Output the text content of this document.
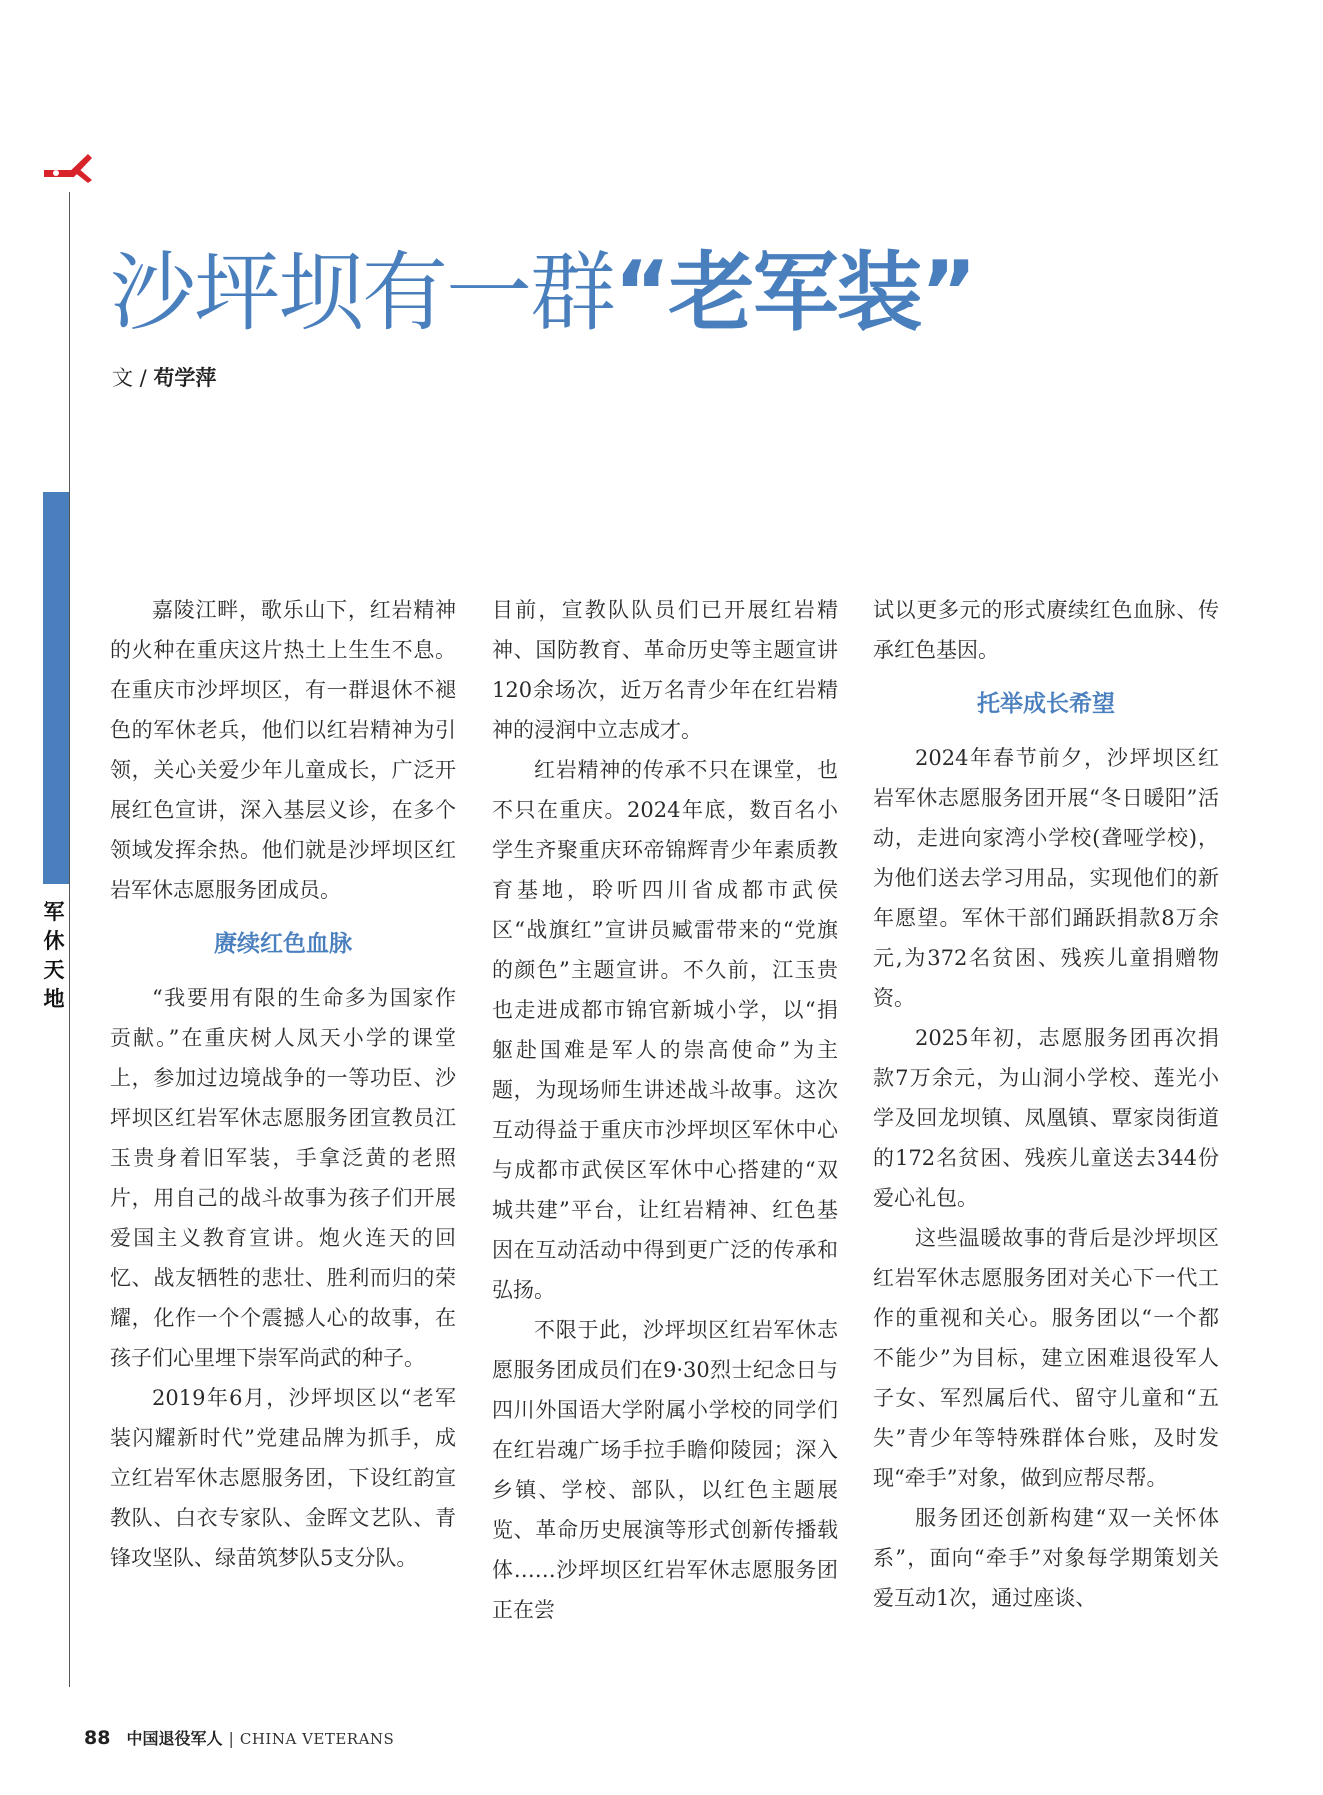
军休天地
沙坪坝有一群“老军装”
文 / 苟学萍

嘉陵江畔，歌乐山下，红岩精神的火种在重庆这片热土上生生不息。在重庆市沙坪坝区，有一群退休不褪色的军休老兵，他们以红岩精神为引领，关心关爱少年儿童成长，广泛开展红色宣讲，深入基层义诊，在多个领域发挥余热。他们就是沙坪坝区红岩军休志愿服务团成员。

赓续红色血脉

“我要用有限的生命多为国家作贡献。”在重庆树人凤天小学的课堂上，参加过边境战争的一等功臣、沙坪坝区红岩军休志愿服务团宣教员江玉贵身着旧军装，手拿泛黄的老照片，用自己的战斗故事为孩子们开展爱国主义教育宣讲。炮火连天的回忆、战友牺牲的悲壮、胜利而归的荣耀，化作一个个震撼人心的故事，在孩子们心里埋下崇军尚武的种子。

2019年6月，沙坪坝区以“老军装闪耀新时代”党建品牌为抓手，成立红岩军休志愿服务团，下设红韵宣教队、白衣专家队、金晖文艺队、青锋攻坚队、绿苗筑梦队5支分队。

目前，宣教队队员们已开展红岩精神、国防教育、革命历史等主题宣讲120余场次，近万名青少年在红岩精神的浸润中立志成才。

红岩精神的传承不只在课堂，也不只在重庆。2024年底，数百名小学生齐聚重庆环帝锦辉青少年素质教育基地，聆听四川省成都市武侯区“战旗红”宣讲员臧雷带来的“党旗的颜色”主题宣讲。不久前，江玉贵也走进成都市锦官新城小学，以“捐躯赴国难是军人的崇高使命”为主题，为现场师生讲述战斗故事。这次互动得益于重庆市沙坪坝区军休中心与成都市武侯区军休中心搭建的“双城共建”平台，让红岩精神、红色基因在互动活动中得到更广泛的传承和弘扬。

不限于此，沙坪坝区红岩军休志愿服务团成员们在9·30烈士纪念日与四川外国语大学附属小学校的同学们在红岩魂广场手拉手瞻仰陵园；深入乡镇、学校、部队，以红色主题展览、革命历史展演等形式创新传播载体……沙坪坝区红岩军休志愿服务团正在尝

试以更多元的形式赓续红色血脉、传承红色基因。

托举成长希望

2024年春节前夕，沙坪坝区红岩军休志愿服务团开展“冬日暖阳”活动，走进向家湾小学校(聋哑学校)，为他们送去学习用品，实现他们的新年愿望。军休干部们踊跃捐款8万余元,为372名贫困、残疾儿童捐赠物资。

2025年初，志愿服务团再次捐款7万余元，为山洞小学校、莲光小学及回龙坝镇、凤凰镇、覃家岗街道的172名贫困、残疾儿童送去344份爱心礼包。

这些温暖故事的背后是沙坪坝区红岩军休志愿服务团对关心下一代工作的重视和关心。服务团以“一个都不能少”为目标，建立困难退役军人子女、军烈属后代、留守儿童和“五失”青少年等特殊群体台账，及时发现“牵手”对象，做到应帮尽帮。

服务团还创新构建“双一关怀体系”，面向“牵手”对象每学期策划关爱互动1次，通过座谈、

88 中国退役军人 | CHINA VETERANS
